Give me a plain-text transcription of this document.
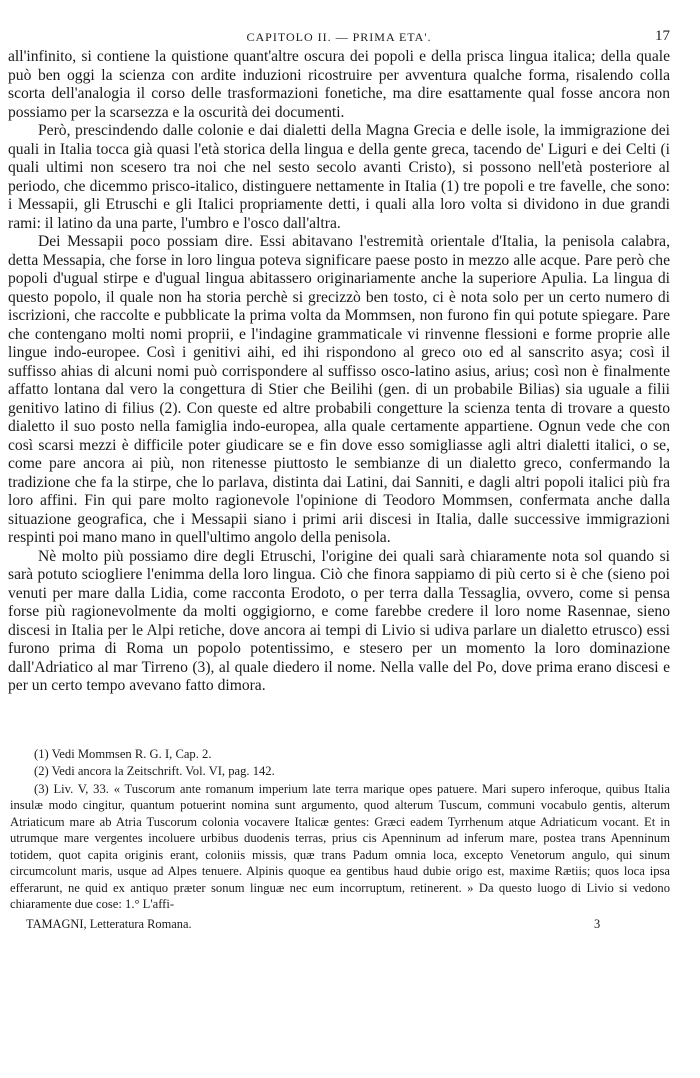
CAPITOLO II. — PRIMA ETA'.	17

all'infinito, si contiene la quistione quant'altre oscura dei popoli e della prisca lingua italica; della quale può ben oggi la scienza con ardite induzioni ricostruire per avventura qualche forma, risalendo colla scorta dell'analogia il corso delle trasformazioni fonetiche, ma dire esattamente qual fosse ancora non possiamo per la scarsezza e la oscurità dei documenti.

Però, prescindendo dalle colonie e dai dialetti della Magna Grecia e delle isole, la immigrazione dei quali in Italia tocca già quasi l'età storica della lingua e della gente greca, tacendo de' Liguri e dei Celti (i quali ultimi non scesero tra noi che nel sesto secolo avanti Cristo), si possono nell'età posteriore al periodo, che dicemmo prisco-italico, distinguere nettamente in Italia (1) tre popoli e tre favelle, che sono: i Messapii, gli Etruschi e gli Italici propriamente detti, i quali alla loro volta si dividono in due grandi rami: il latino da una parte, l'umbro e l'osco dall'altra.

Dei Messapii poco possiam dire. Essi abitavano l'estremità orientale d'Italia, la penisola calabra, detta Messapia, che forse in loro lingua poteva significare paese posto in mezzo alle acque. Pare però che popoli d'ugual stirpe e d'ugual lingua abitassero originariamente anche la superiore Apulia. La lingua di questo popolo, il quale non ha storia perchè si grecizzò ben tosto, ci è nota solo per un certo numero di iscrizioni, che raccolte e pubblicate la prima volta da Mommsen, non furono fin qui potute spiegare. Pare che contengano molti nomi proprii, e l'indagine grammaticale vi rinvenne flessioni e forme proprie alle lingue indo-europee. Così i genitivi aihi, ed ihi rispondono al greco οιο ed al sanscrito asya; così il suffisso ahias di alcuni nomi può corrispondere al suffisso osco-latino asius, arius; così non è finalmente affatto lontana dal vero la congettura di Stier che Beilihi (gen. di un probabile Bilias) sia uguale a filii genitivo latino di filius (2). Con queste ed altre probabili congetture la scienza tenta di trovare a questo dialetto il suo posto nella famiglia indo-europea, alla quale certamente appartiene. Ognun vede che con così scarsi mezzi è difficile poter giudicare se e fin dove esso somigliasse agli altri dialetti italici, o se, come pare ancora ai più, non ritenesse piuttosto le sembianze di un dialetto greco, confermando la tradizione che fa la stirpe, che lo parlava, distinta dai Latini, dai Sanniti, e dagli altri popoli italici più fra loro affini. Fin qui pare molto ragionevole l'opinione di Teodoro Mommsen, confermata anche dalla situazione geografica, che i Messapii siano i primi arii discesi in Italia, dalle successive immigrazioni respinti poi mano mano in quell'ultimo angolo della penisola.

Nè molto più possiamo dire degli Etruschi, l'origine dei quali sarà chiaramente nota sol quando si sarà potuto sciogliere l'enimma della loro lingua. Ciò che finora sappiamo di più certo si è che (sieno poi venuti per mare dalla Lidia, come racconta Erodoto, o per terra dalla Tessaglia, ovvero, come si pensa forse più ragionevolmente da molti oggigiorno, e come farebbe credere il loro nome Rasennae, sieno discesi in Italia per le Alpi retiche, dove ancora ai tempi di Livio si udiva parlare un dialetto etrusco) essi furono prima di Roma un popolo potentissimo, e stesero per un momento la loro dominazione dall'Adriatico al mar Tirreno (3), al quale diedero il nome. Nella valle del Po, dove prima erano discesi e per un certo tempo avevano fatto dimora.

(1) Vedi Mommsen R. G. I, Cap. 2.

(2) Vedi ancora la Zeitschrift. Vol. VI, pag. 142.

(3) Liv. V, 33. « Tuscorum ante romanum imperium late terra marique opes patuere. Mari supero inferoque, quibus Italia insulæ modo cingitur, quantum potuerint nomina sunt argumento, quod alterum Tuscum, communi vocabulo gentis, alterum Atriaticum mare ab Atria Tuscorum colonia vocavere Italicæ gentes: Græci eadem Tyrrhenum atque Adriaticum vocant. Et in utrumque mare vergentes incoluere urbibus duodenis terras, prius cis Apenninum ad inferum mare, postea trans Apenninum totidem, quot capita originis erant, coloniis missis, quæ trans Padum omnia loca, excepto Venetorum angulo, qui sinum circumcolunt maris, usque ad Alpes tenuere. Alpinis quoque ea gentibus haud dubie origo est, maxime Rætiis; quos loca ipsa efferarunt, ne quid ex antiquo præter sonum linguæ nec eum incorruptum, retinerent. » Da questo luogo di Livio si vedono chiaramente due cose: 1.° L'affi-

TAMAGNI, Letteratura Romana.	3
